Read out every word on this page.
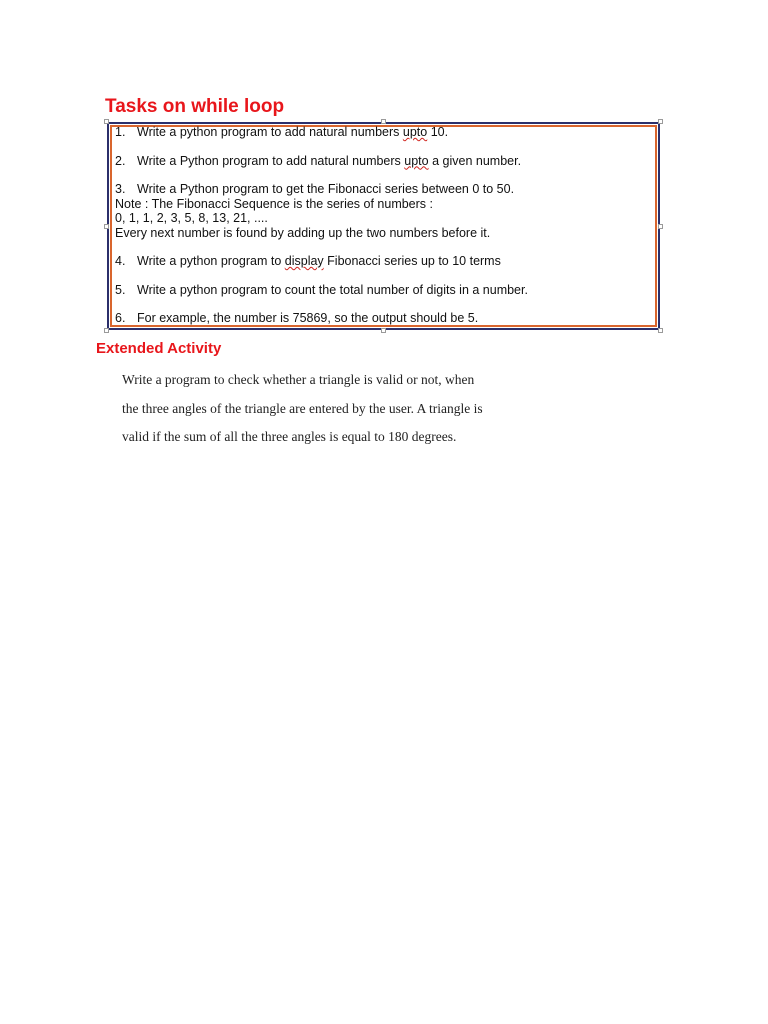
Tasks on while loop
1. Write a python program to add natural numbers upto 10.
2. Write a Python program to add natural numbers upto a given number.
3. Write a Python program to get the Fibonacci series between 0 to 50.
Note : The Fibonacci Sequence is the series of numbers :
0, 1, 1, 2, 3, 5, 8, 13, 21, ....
Every next number is found by adding up the two numbers before it.
4. Write a python program to display Fibonacci series up to 10 terms
5. Write a python program to count the total number of digits in a number.
6. For example, the number is 75869, so the output should be 5.
Extended Activity
Write a program to check whether a triangle is valid or not, when
the three angles of the triangle are entered by the user. A triangle is
valid if the sum of all the three angles is equal to 180 degrees.
